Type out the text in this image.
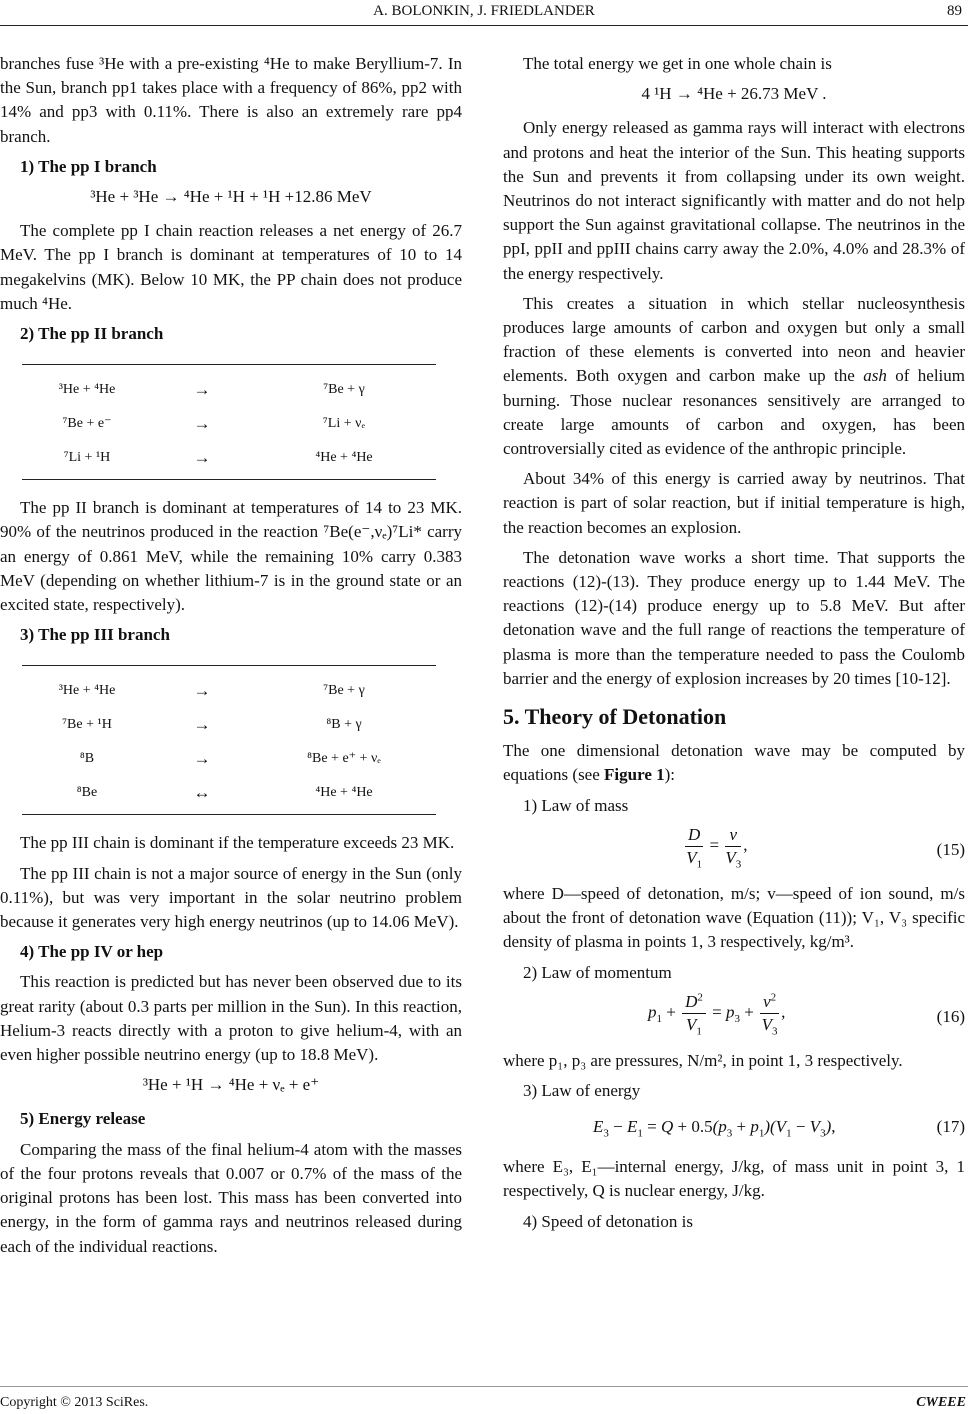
A. BOLONKIN, J. FRIEDLANDER	89

branches fuse ³He with a pre-existing ⁴He to make Beryllium-7. In the Sun, branch pp1 takes place with a frequency of 86%, pp2 with 14% and pp3 with 0.11%. There is also an extremely rare pp4 branch.

1) The pp I branch
³He + ³He → ⁴He + ¹H + ¹H +12.86 MeV

The complete pp I chain reaction releases a net energy of 26.7 MeV. The pp I branch is dominant at temperatures of 10 to 14 megakelvins (MK). Below 10 MK, the PP chain does not produce much ⁴He.

2) The pp II branch
³He + ⁴He	→	⁷Be + γ
⁷Be + e⁻	→	⁷Li + νₑ
⁷Li + ¹H	→	⁴He + ⁴He

The pp II branch is dominant at temperatures of 14 to 23 MK. 90% of the neutrinos produced in the reaction ⁷Be(e⁻,νₑ)⁷Li* carry an energy of 0.861 MeV, while the remaining 10% carry 0.383 MeV (depending on whether lithium-7 is in the ground state or an excited state, respectively).

3) The pp III branch
³He + ⁴He	→	⁷Be + γ
⁷Be + ¹H	→	⁸B + γ
⁸B	→	⁸Be + e⁺ + νₑ
⁸Be	↔	⁴He + ⁴He

The pp III chain is dominant if the temperature exceeds 23 MK.

The pp III chain is not a major source of energy in the Sun (only 0.11%), but was very important in the solar neutrino problem because it generates very high energy neutrinos (up to 14.06 MeV).

4) The pp IV or hep

This reaction is predicted but has never been observed due to its great rarity (about 0.3 parts per million in the Sun). In this reaction, Helium-3 reacts directly with a proton to give helium-4, with an even higher possible neutrino energy (up to 18.8 MeV).

³He + ¹H → ⁴He + νₑ + e⁺
5) Energy release

Comparing the mass of the final helium-4 atom with the masses of the four protons reveals that 0.007 or 0.7% of the mass of the original protons has been lost. This mass has been converted into energy, in the form of gamma rays and neutrinos released during each of the individual reactions.

The total energy we get in one whole chain is

4 ¹H → ⁴He + 26.73 MeV .

Only energy released as gamma rays will interact with electrons and protons and heat the interior of the Sun. This heating supports the Sun and prevents it from collapsing under its own weight. Neutrinos do not interact significantly with matter and do not help support the Sun against gravitational collapse. The neutrinos in the ppI, ppII and ppIII chains carry away the 2.0%, 4.0% and 28.3% of the energy respectively.

This creates a situation in which stellar nucleosynthesis produces large amounts of carbon and oxygen but only a small fraction of these elements is converted into neon and heavier elements. Both oxygen and carbon make up the ash of helium burning. Those nuclear resonances sensitively are arranged to create large amounts of carbon and oxygen, has been controversially cited as evidence of the anthropic principle.

About 34% of this energy is carried away by neutrinos. That reaction is part of solar reaction, but if initial temperature is high, the reaction becomes an explosion.

The detonation wave works a short time. That supports the reactions (12)-(13). They produce energy up to 1.44 MeV. The reactions (12)-(14) produce energy up to 5.8 MeV. But after detonation wave and the full range of reactions the temperature of plasma is more than the temperature needed to pass the Coulomb barrier and the energy of explosion increases by 20 times [10-12].

5. Theory of Detonation

The one dimensional detonation wave may be computed by equations (see Figure 1):

1) Law of mass

$\frac{D}{V_1} = \frac{v}{V_3}$ ,	(15)

where D—speed of detonation, m/s; v—speed of ion sound, m/s about the front of detonation wave (Equation (11)); V₁, V₃ specific density of plasma in points 1, 3 respectively, kg/m³.

2) Law of momentum

$p_1 + \frac{D^2}{V_1} = p_3 + \frac{v^2}{V_3}$ ,	(16)

where p₁, p₃ are pressures, N/m², in point 1, 3 respectively.

3) Law of energy

$E_3 - E_1 = Q + 0.5(p_3 + p_1)(V_1 - V_3)$,	(17)

where E₃, E₁—internal energy, J/kg, of mass unit in point 3, 1 respectively, Q is nuclear energy, J/kg.

4) Speed of detonation is

Copyright © 2013 SciRes.	CWEEE
